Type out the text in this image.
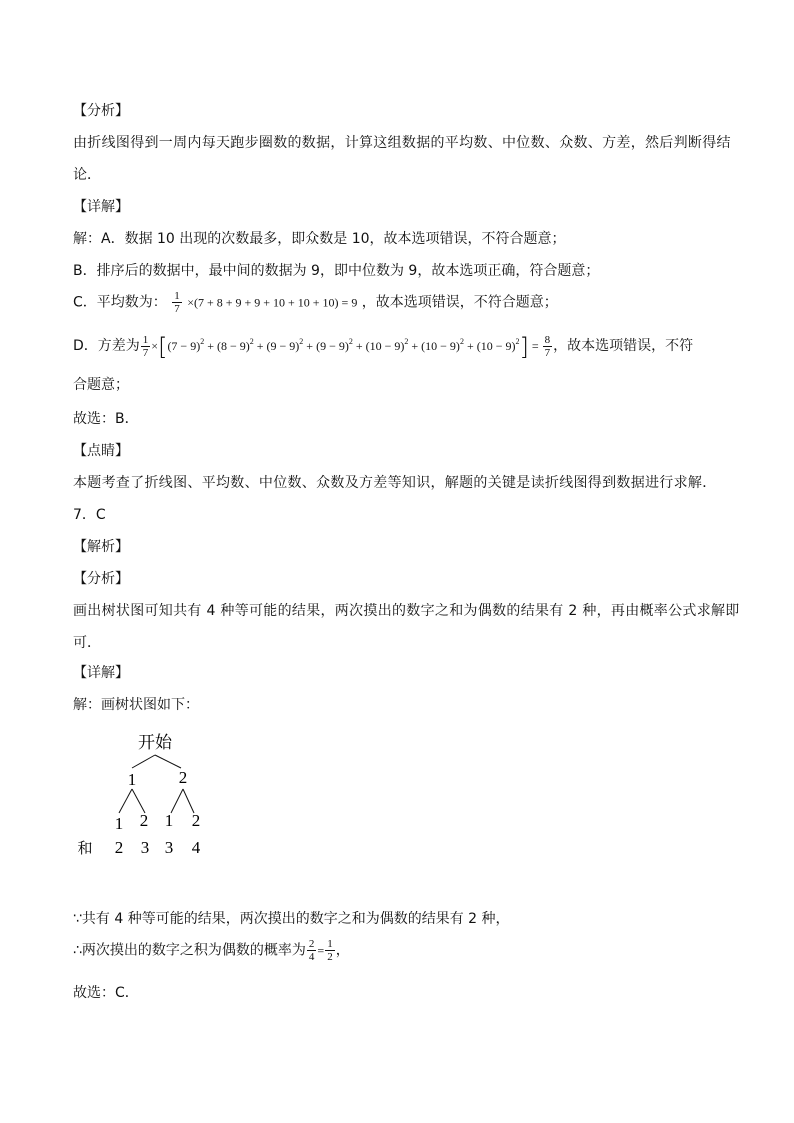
【分析】
由折线图得到一周内每天跑步圈数的数据，计算这组数据的平均数、中位数、众数、方差，然后判断得结
论．
【详解】
解：A．数据 10 出现的次数最多，即众数是 10，故本选项错误，不符合题意；
B．排序后的数据中，最中间的数据为 9，即中位数为 9，故本选项正确，符合题意；
C．平均数为： $\frac{1}{7} \times(7 + 8 + 9 + 9 + 10 + 10 + 10) = 9$ ，故本选项错误，不符合题意；
D．方差为 $\frac{1}{7} \times[(7 - 9)^2 + (8 - 9)^2 + (9 - 9)^2 + (9 - 9)^2 + (10 - 9)^2 + (10 - 9)^2 + (10 - 9)^2] = \frac{8}{7}$ ，故本选项错误，不符
合题意；
故选：B．
【点睛】
本题考查了折线图、平均数、中位数、众数及方差等知识，解题的关键是读折线图得到数据进行求解．
7．C
【解析】
【分析】
画出树状图可知共有 4 种等可能的结果，两次摸出的数字之和为偶数的结果有 2 种，再由概率公式求解即
可．
【详解】
解：画树状图如下：
开始
1	2
1 2 1 2
和 2 3 3 4
∵共有 4 种等可能的结果，两次摸出的数字之和为偶数的结果有 2 种，
∴两次摸出的数字之积为偶数的概率为 $\frac{2}{4} = \frac{1}{2}$ ，
故选：C．
